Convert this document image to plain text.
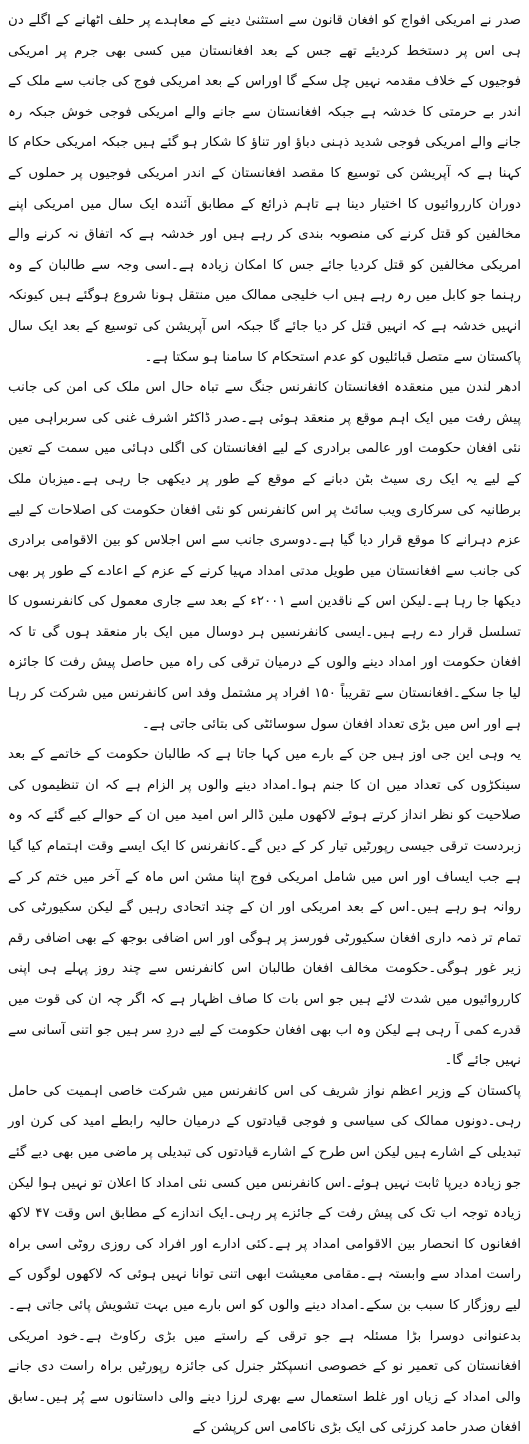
صدر نے امریکی افواج کو افغان قانون سے استثنیٰ دینے کے معاہدے پر حلف اٹھانے کے اگلے دن ہی اس پر دستخط کردیئے تھے جس کے بعد افغانستان میں کسی بھی جرم پر امریکی فوجیوں کے خلاف مقدمہ نہیں چل سکے گا اوراس کے بعد امریکی فوج کی جانب سے ملک کے اندر بے حرمتی کا خدشہ ہے جبکہ افغانستان سے جانے والے امریکی فوجی خوش جبکہ رہ جانے والے امریکی فوجی شدید ذہنی دباؤ اور تناؤ کا شکار ہو گئے ہیں جبکہ امریکی حکام کا کہنا ہے کہ آپریشن کی توسیع کا مقصد افغانستان کے اندر امریکی فوجیوں پر حملوں کے دوران کارروائیوں کا اختیار دینا ہے تاہم ذرائع کے مطابق آئندہ ایک سال میں امریکی اپنے مخالفین کو قتل کرنے کی منصوبہ بندی کر رہے ہیں اور خدشہ ہے کہ اتفاق نہ کرنے والے امریکی مخالفین کو قتل کردیا جائے جس کا امکان زیادہ ہے۔اسی وجہ سے طالبان کے وہ رہنما جو کابل میں رہ رہے ہیں اب خلیجی ممالک میں منتقل ہونا شروع ہوگئے ہیں کیونکہ انہیں خدشہ ہے کہ انہیں قتل کر دیا جائے گا جبکہ اس آپریشن کی توسیع کے بعد ایک سال پاکستان سے متصل قبائلیوں کو عدم استحکام کا سامنا ہو سکتا ہے۔

ادھر لندن میں منعقدہ افغانستان کانفرنس جنگ سے تباہ حال اس ملک کی امن کی جانب پیش رفت میں ایک اہم موقع پر منعقد ہوئی ہے۔صدر ڈاکٹر اشرف غنی کی سربراہی میں نئی افغان حکومت اور عالمی برادری کے لیے افغانستان کی اگلی دہائی میں سمت کے تعین کے لیے یہ ایک ری سیٹ بٹن دبانے کے موقع کے طور پر دیکھی جا رہی ہے۔میزبان ملک برطانیہ کی سرکاری ویب سائٹ پر اس کانفرنس کو نئی افغان حکومت کی اصلاحات کے لیے عزم دہرانے کا موقع قرار دیا گیا ہے۔دوسری جانب سے اس اجلاس کو بین الاقوامی برادری کی جانب سے افغانستان میں طویل مدتی امداد مہیا کرنے کے عزم کے اعادے کے طور پر بھی دیکھا جا رہا ہے۔لیکن اس کے ناقدین اسے ۲۰۰۱ء کے بعد سے جاری معمول کی کانفرنسوں کا تسلسل قرار دے رہے ہیں۔ایسی کانفرنسیں ہر دوسال میں ایک بار منعقد ہوں گی تا کہ افغان حکومت اور امداد دینے والوں کے درمیان ترقی کی راہ میں حاصل پیش رفت کا جائزہ لیا جا سکے۔افغانستان سے تقریباً ۱۵۰ افراد پر مشتمل وفد اس کانفرنس میں شرکت کر رہا ہے اور اس میں بڑی تعداد افغان سول سوسائٹی کی بتائی جاتی ہے۔

یہ وہی این جی اوز ہیں جن کے بارے میں کہا جاتا ہے کہ طالبان حکومت کے خاتمے کے بعد سینکڑوں کی تعداد میں ان کا جنم ہوا۔امداد دینے والوں پر الزام ہے کہ ان تنظیموں کی صلاحیت کو نظر انداز کرتے ہوئے لاکھوں ملین ڈالر اس امید میں ان کے حوالے کیے گئے کہ وہ زبردست ترقی جیسی رپورٹیں تیار کر کے دیں گے۔کانفرنس کا ایک ایسے وقت اہتمام کیا گیا ہے جب ایساف اور اس میں شامل امریکی فوج اپنا مشن اس ماہ کے آخر میں ختم کر کے روانہ ہو رہے ہیں۔اس کے بعد امریکی اور ان کے چند اتحادی رہیں گے لیکن سکیورٹی کی تمام تر ذمہ داری افغان سکیورٹی فورسز پر ہوگی اور اس اضافی بوجھ کے بھی اضافی رقم زیر غور ہوگی۔حکومت مخالف افغان طالبان اس کانفرنس سے چند روز پہلے ہی اپنی کارروائیوں میں شدت لائے ہیں جو اس بات کا صاف اظہار ہے کہ اگر چہ ان کی قوت میں قدرے کمی آ رہی ہے لیکن وہ اب بھی افغان حکومت کے لیے دردِ سر ہیں جو اتنی آسانی سے نہیں جائے گا۔

پاکستان کے وزیر اعظم نواز شریف کی اس کانفرنس میں شرکت خاصی اہمیت کی حامل رہی۔دونوں ممالک کی سیاسی و فوجی قیادتوں کے درمیان حالیہ رابطے امید کی کرن اور تبدیلی کے اشارے ہیں لیکن اس طرح کے اشارے قیادتوں کی تبدیلی پر ماضی میں بھی دیے گئے جو زیادہ دیرپا ثابت نہیں ہوئے۔اس کانفرنس میں کسی نئی امداد کا اعلان تو نہیں ہوا لیکن زیادہ توجہ اب تک کی پیش رفت کے جائزے پر رہی۔ایک اندازے کے مطابق اس وقت ۴۷ لاکھ افغانوں کا انحصار بین الاقوامی امداد پر ہے۔کئی ادارے اور افراد کی روزی روٹی اسی براہ راست امداد سے وابستہ ہے۔مقامی معیشت ابھی اتنی توانا نہیں ہوئی کہ لاکھوں لوگوں کے لیے روزگار کا سبب بن سکے۔امداد دینے والوں کو اس بارے میں بہت تشویش پائی جاتی ہے۔بدعنوانی دوسرا بڑا مسئلہ ہے جو ترقی کے راستے میں بڑی رکاوٹ ہے۔خود امریکی افغانستان کی تعمیر نو کے خصوصی انسپکٹر جنرل کی جائزہ رپورٹیں براہ راست دی جانے والی امداد کے زیاں اور غلط استعمال سے بھری لرزا دینے والی داستانوں سے پُر ہیں۔سابق افغان صدر حامد کرزئی کی ایک بڑی ناکامی اس کرپشن کے
